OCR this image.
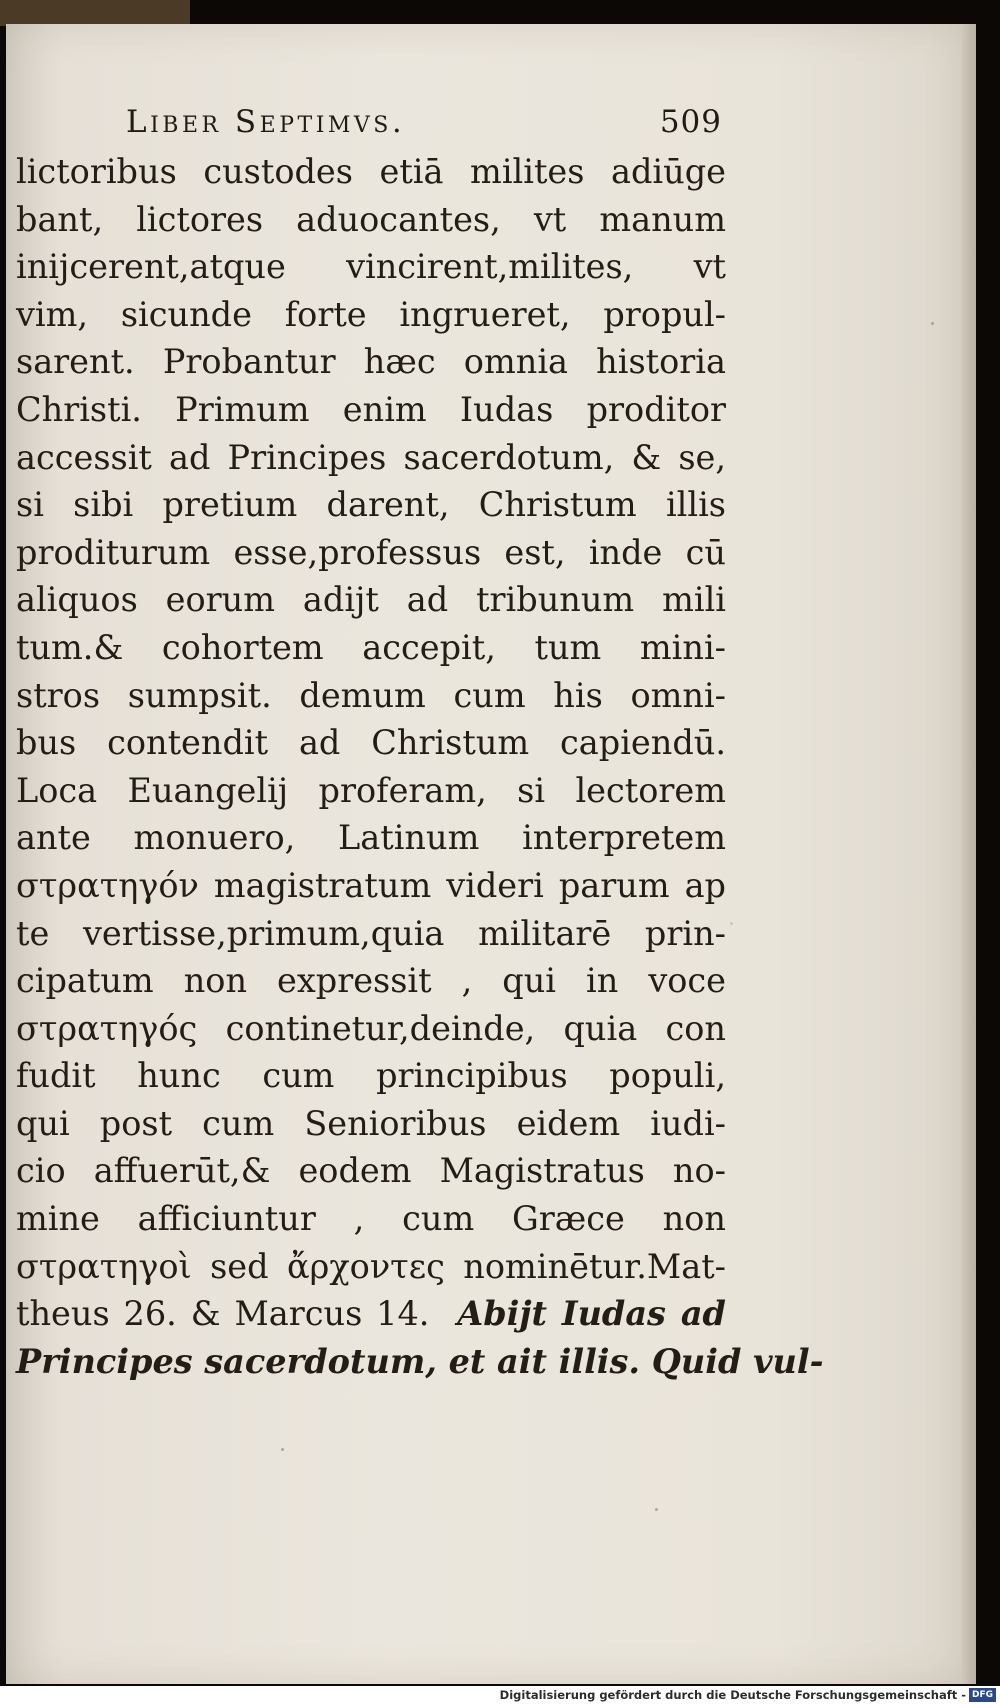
Liber Septimvs.	509
lictoribus custodes etiā milites adiūge
bant, lictores aduocantes, vt manum
inijcerent,atque vincirent,milites, vt
vim, sicunde forte ingrueret, propul-
sarent. Probantur hæc omnia historia
Christi. Primum enim Iudas proditor
accessit ad Principes sacerdotum, & se,
si sibi pretium darent, Christum illis
proditurum esse,professus est, inde cū
aliquos eorum adijt ad tribunum mili
tum.& cohortem accepit, tum mini-
stros sumpsit. demum cum his omni-
bus contendit ad Christum capiendū.
Loca Euangelij proferam, si lectorem
ante monuero, Latinum interpretem
στρατηγόν magistratum videri parum ap
te vertisse,primum,quia militarē prin-
cipatum non expressit , qui in voce
στρατηγός continetur,deinde, quia con
fudit hunc cum principibus populi,
qui post cum Senioribus eidem iudi-
cio affuerūt,& eodem Magistratus no-
mine afficiuntur , cum Græce non
στρατηγοὶ sed ἄρχοντες nominētur.Mat-
theus 26. & Marcus 14. Abijt Iudas ad
Principes sacerdotum, et ait illis. Quid vul-
Digitalisierung gefördert durch die Deutsche Forschungsgemeinschaft - DFG
